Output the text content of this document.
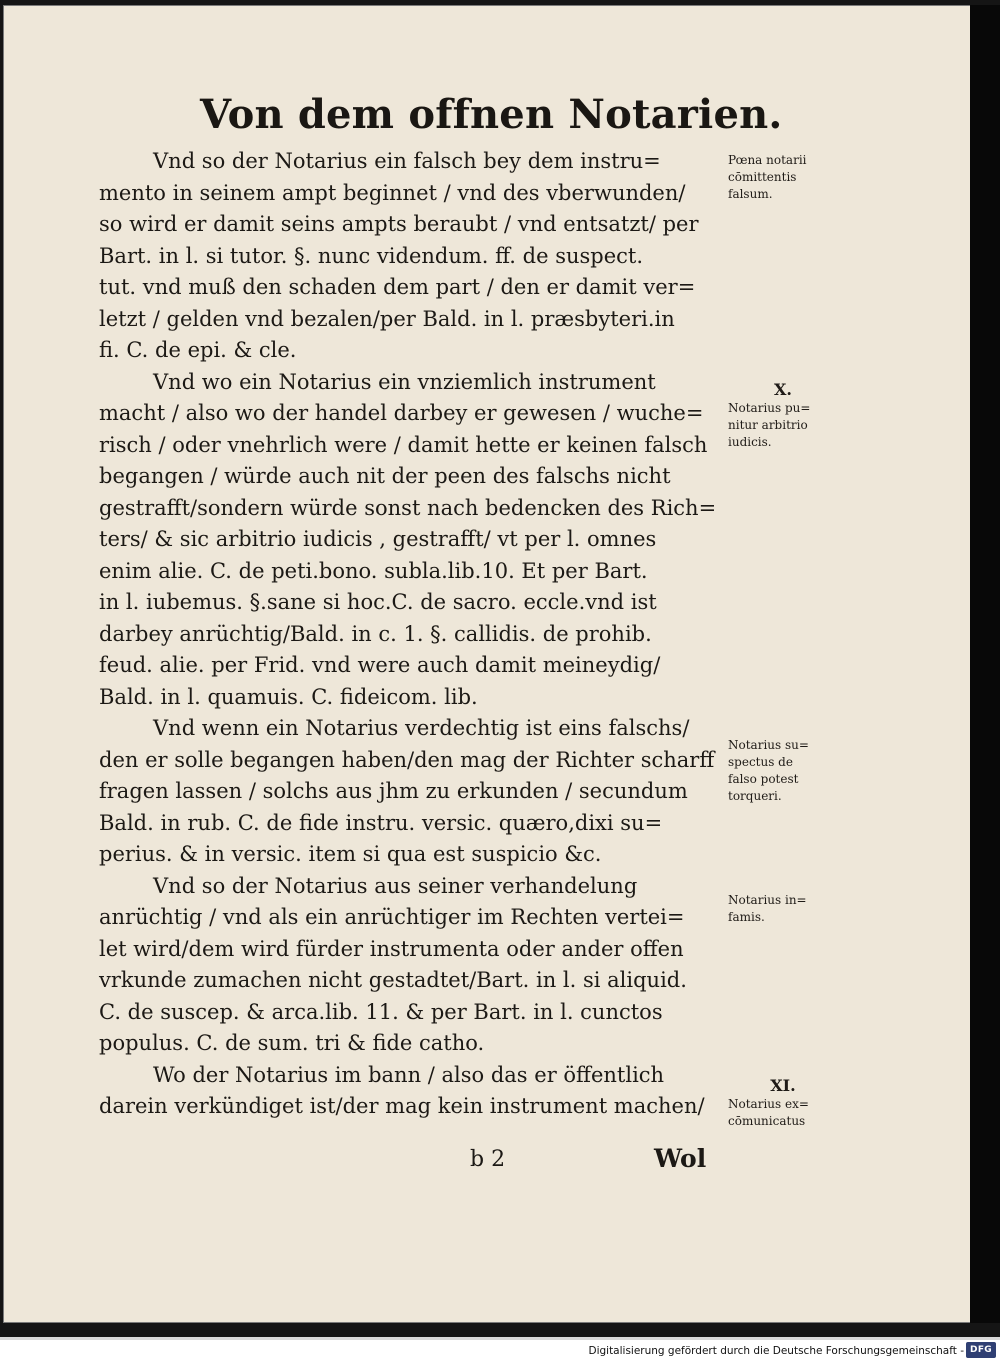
Von dem offnen Notarien.
Vnd so der Notarius ein falsch bey dem instru=
mento in seinem ampt beginnet / vnd des vberwunden/
so wird er damit seins ampts beraubt / vnd entsatzt/ per
Bart. in l. si tutor. §. nunc videndum. ff. de suspect.
tut. vnd muß den schaden dem part / den er damit ver=
letzt / gelden vnd bezalen/per Bald. in l. præsbyteri.in
fi. C. de epi. & cle.
Vnd wo ein Notarius ein vnziemlich instrument
macht / also wo der handel darbey er gewesen / wuche=
risch / oder vnehrlich were / damit hette er keinen falsch
begangen / würde auch nit der peen des falschs nicht
gestrafft/sondern würde sonst nach bedencken des Rich=
ters/ & sic arbitrio iudicis , gestrafft/ vt per l. omnes
enim alie. C. de peti.bono. subla.lib.10. Et per Bart.
in l. iubemus. §.sane si hoc.C. de sacro. eccle.vnd ist
darbey anrüchtig/Bald. in c. 1. §. callidis. de prohib.
feud. alie. per Frid. vnd were auch damit meineydig/
Bald. in l. quamuis. C. fideicom. lib.
Vnd wenn ein Notarius verdechtig ist eins falschs/
den er solle begangen haben/den mag der Richter scharff
fragen lassen / solchs aus jhm zu erkunden / secundum
Bald. in rub. C. de fide instru. versic. quæro,dixi su=
perius. & in versic. item si qua est suspicio &c.
Vnd so der Notarius aus seiner verhandelung
anrüchtig / vnd als ein anrüchtiger im Rechten vertei=
let wird/dem wird fürder instrumenta oder ander offen
vrkunde zumachen nicht gestadtet/Bart. in l. si aliquid.
C. de suscep. & arca.lib. 11. & per Bart. in l. cunctos
populus. C. de sum. tri & fide catho.
Wo der Notarius im bann / also das er öffentlich
darein verkündiget ist/der mag kein instrument machen/
Pœna notarii
cōmittentis
falsum.
X.
Notarius pu=
nitur arbitrio
iudicis.
Notarius su=
spectus de
falso potest
torqueri.
Notarius in=
famis.
XI.
Notarius ex=
cōmunicatus
b 2	Wol
Digitalisierung gefördert durch die Deutsche Forschungsgemeinschaft - DFG
